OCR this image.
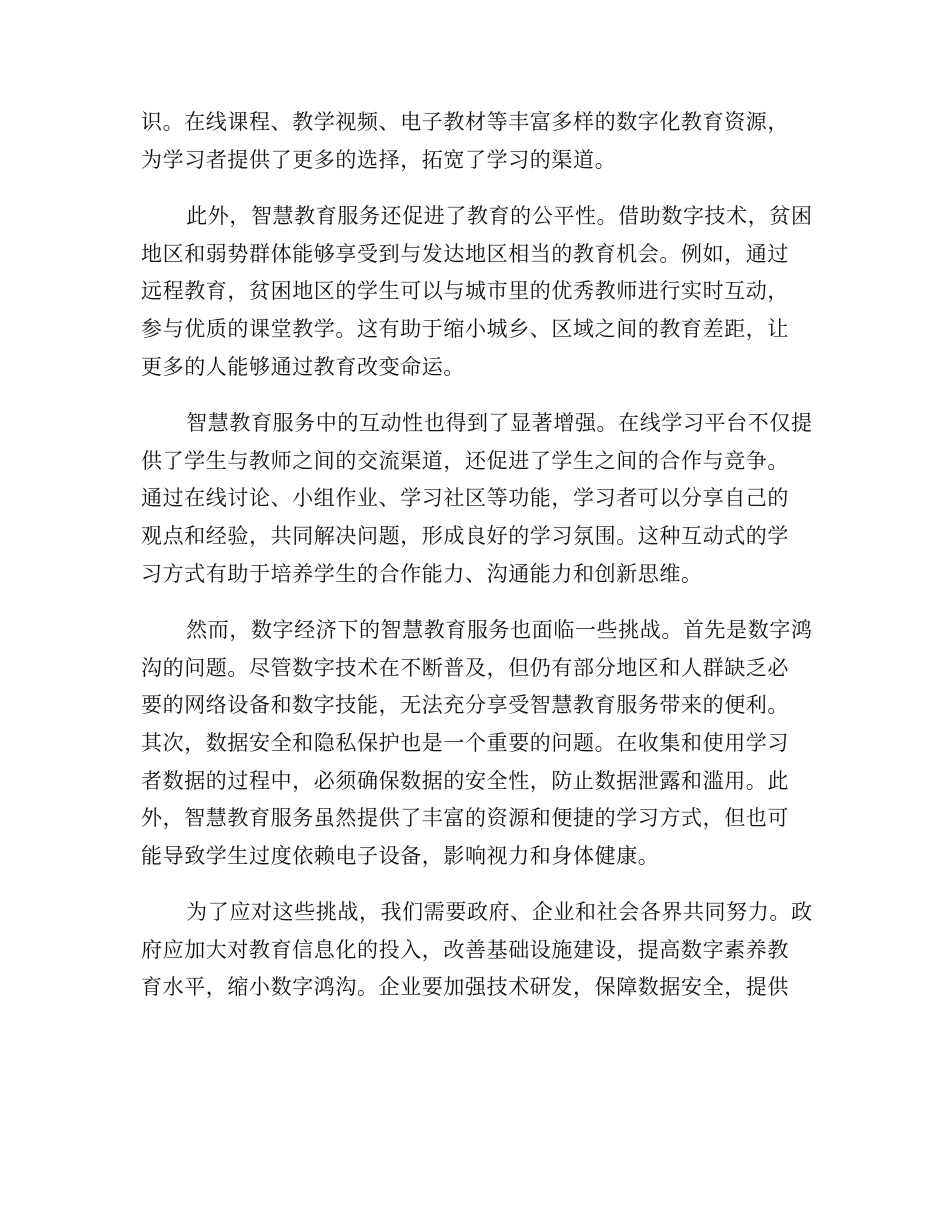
识。在线课程、教学视频、电子教材等丰富多样的数字化教育资源，
为学习者提供了更多的选择，拓宽了学习的渠道。

此外，智慧教育服务还促进了教育的公平性。借助数字技术，贫困
地区和弱势群体能够享受到与发达地区相当的教育机会。例如，通过
远程教育，贫困地区的学生可以与城市里的优秀教师进行实时互动，
参与优质的课堂教学。这有助于缩小城乡、区域之间的教育差距，让
更多的人能够通过教育改变命运。

智慧教育服务中的互动性也得到了显著增强。在线学习平台不仅提
供了学生与教师之间的交流渠道，还促进了学生之间的合作与竞争。
通过在线讨论、小组作业、学习社区等功能，学习者可以分享自己的
观点和经验，共同解决问题，形成良好的学习氛围。这种互动式的学
习方式有助于培养学生的合作能力、沟通能力和创新思维。

然而，数字经济下的智慧教育服务也面临一些挑战。首先是数字鸿
沟的问题。尽管数字技术在不断普及，但仍有部分地区和人群缺乏必
要的网络设备和数字技能，无法充分享受智慧教育服务带来的便利。
其次，数据安全和隐私保护也是一个重要的问题。在收集和使用学习
者数据的过程中，必须确保数据的安全性，防止数据泄露和滥用。此
外，智慧教育服务虽然提供了丰富的资源和便捷的学习方式，但也可
能导致学生过度依赖电子设备，影响视力和身体健康。

为了应对这些挑战，我们需要政府、企业和社会各界共同努力。政
府应加大对教育信息化的投入，改善基础设施建设，提高数字素养教
育水平，缩小数字鸿沟。企业要加强技术研发，保障数据安全，提供
